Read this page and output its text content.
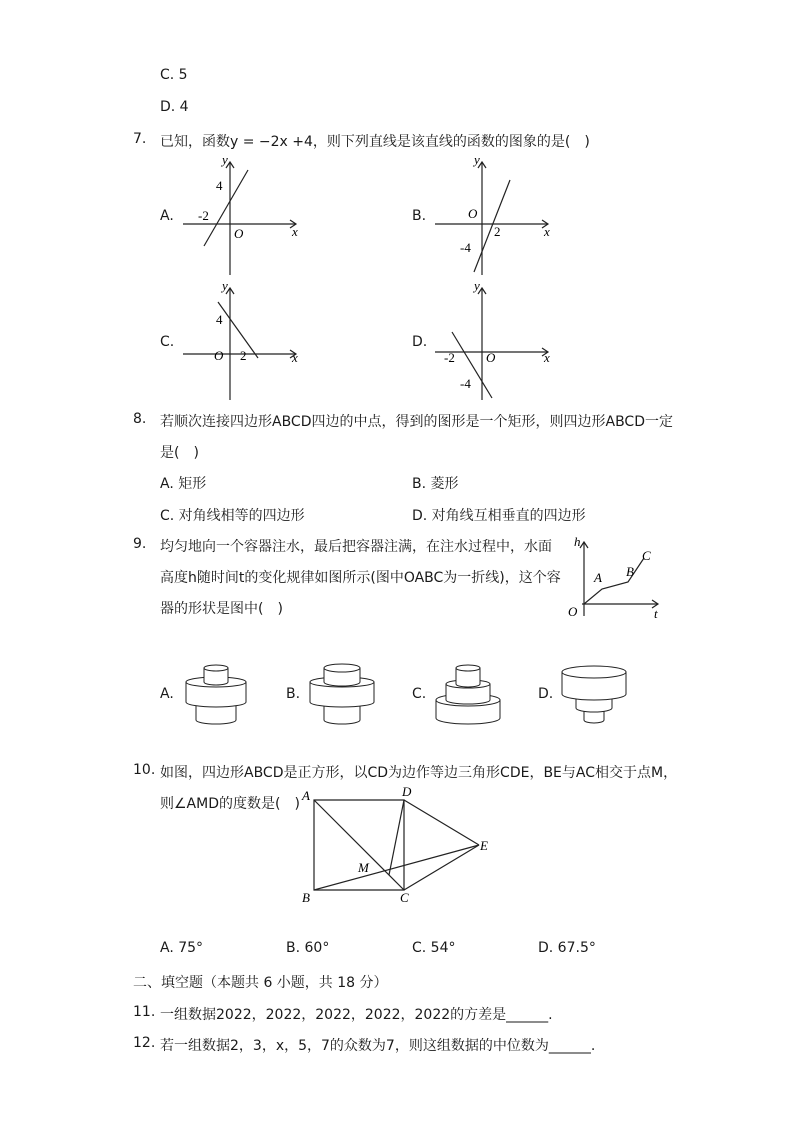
C. 5
D. 4
7. 已知，函数y = −2x +4，则下列直线是该直线的函数的图象的是(　)
A.	B.
C.	D.
y
x
O
4
-2
y
x
O
2
-4
y
x
O
4
2
y
x
O
-2
-4
8. 若顺次连接四边形ABCD四边的中点，得到的图形是一个矩形，则四边形ABCD一定
是(　)
A. 矩形	B. 菱形
C. 对角线相等的四边形	D. 对角线互相垂直的四边形
9. 均匀地向一个容器注水，最后把容器注满，在注水过程中，水面
高度h随时间t的变化规律如图所示(图中OABC为一折线)，这个容
器的形状是图中(　)
h
t
O
A B
C
A.	B.	C.	D.
10. 如图，四边形ABCD是正方形，以CD为边作等边三角形CDE，BE与AC相交于点M，
则∠AMD的度数是(　)
A	D
E
B	C
M
A. 75°	B. 60°	C. 54°	D. 67.5°
二、填空题（本题共 6 小题，共 18 分）
11. 一组数据2022，2022，2022，2022，2022的方差是______.
12. 若一组数据2，3，x，5，7的众数为7，则这组数据的中位数为______.
